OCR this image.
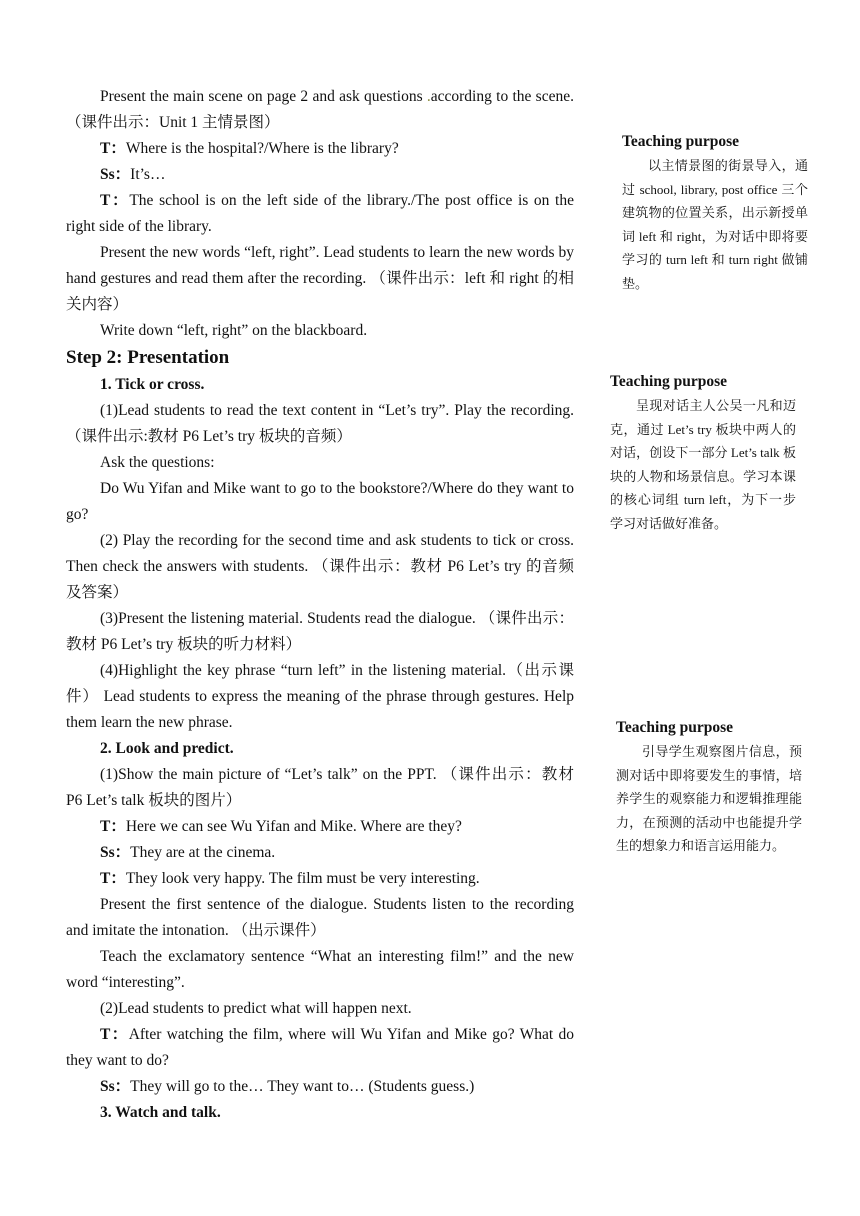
Present the main scene on page 2 and ask questions .according to the scene. （课件出示：Unit 1 主情景图）

T：Where is the hospital?/Where is the library?

Ss：It’s…

T：The school is on the left side of the library./The post office is on the right side of the library.

Present the new words “left, right”. Lead students to learn the new words by hand gestures and read them after the recording. （课件出示：left 和 right 的相关内容）

Write down “left, right” on the blackboard.

Step 2: Presentation

1. Tick or cross.

(1)Lead students to read the text content in “Let’s try”. Play the recording. （课件出示:教材 P6 Let’s try 板块的音频）

Ask the questions:

Do Wu Yifan and Mike want to go to the bookstore?/Where do they want to go?

(2) Play the recording for the second time and ask students to tick or cross. Then check the answers with students. （课件出示：教材 P6 Let’s try 的音频及答案）

(3)Present the listening material. Students read the dialogue. （课件出示：教材 P6 Let’s try 板块的听力材料）

(4)Highlight the key phrase “turn left” in the listening material.（出示课件） Lead students to express the meaning of the phrase through gestures. Help them learn the new phrase.

2. Look and predict.

(1)Show the main picture of “Let’s talk” on the PPT. （课件出示：教材 P6 Let’s talk 板块的图片）

T：Here we can see Wu Yifan and Mike. Where are they?

Ss：They are at the cinema.

T：They look very happy. The film must be very interesting.

Present the first sentence of the dialogue. Students listen to the recording and imitate the intonation. （出示课件）

Teach the exclamatory sentence “What an interesting film!” and the new word “interesting”.

(2)Lead students to predict what will happen next.

T：After watching the film, where will Wu Yifan and Mike go? What do they want to do?

Ss：They will go to the… They want to… (Students guess.)

3. Watch and talk.

Teaching purpose

以主情景图的街景导入，通过 school, library, post office 三个建筑物的位置关系，出示新授单词 left 和 right，为对话中即将要学习的 turn left 和 turn right 做铺垫。

Teaching purpose

呈现对话主人公吴一凡和迈克，通过 Let’s try 板块中两人的对话，创设下一部分 Let’s talk 板块的人物和场景信息。学习本课的核心词组 turn left，为下一步学习对话做好准备。

Teaching purpose

引导学生观察图片信息，预测对话中即将要发生的事情，培养学生的观察能力和逻辑推理能力，在预测的活动中也能提升学生的想象力和语言运用能力。
